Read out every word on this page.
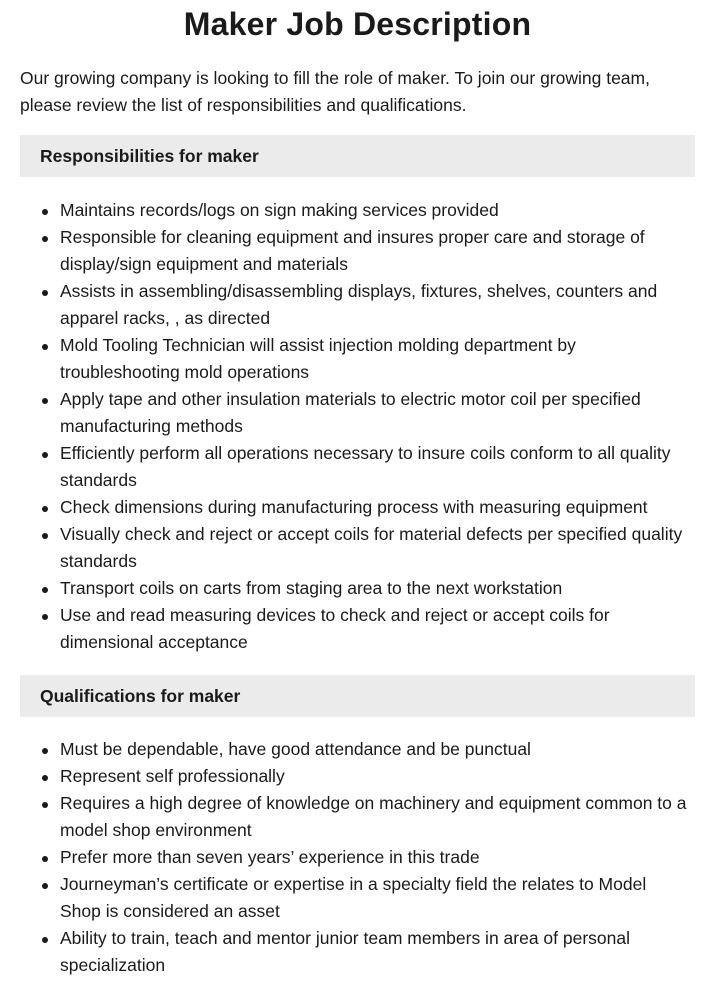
Maker Job Description

Our growing company is looking to fill the role of maker. To join our growing team, please review the list of responsibilities and qualifications.

Responsibilities for maker
Maintains records/logs on sign making services provided
Responsible for cleaning equipment and insures proper care and storage of display/sign equipment and materials
Assists in assembling/disassembling displays, fixtures, shelves, counters and apparel racks, , as directed
Mold Tooling Technician will assist injection molding department by troubleshooting mold operations
Apply tape and other insulation materials to electric motor coil per specified manufacturing methods
Efficiently perform all operations necessary to insure coils conform to all quality standards
Check dimensions during manufacturing process with measuring equipment
Visually check and reject or accept coils for material defects per specified quality standards
Transport coils on carts from staging area to the next workstation
Use and read measuring devices to check and reject or accept coils for dimensional acceptance
Qualifications for maker
Must be dependable, have good attendance and be punctual
Represent self professionally
Requires a high degree of knowledge on machinery and equipment common to a model shop environment
Prefer more than seven years’ experience in this trade
Journeyman’s certificate or expertise in a specialty field the relates to Model Shop is considered an asset
Ability to train, teach and mentor junior team members in area of personal specialization
